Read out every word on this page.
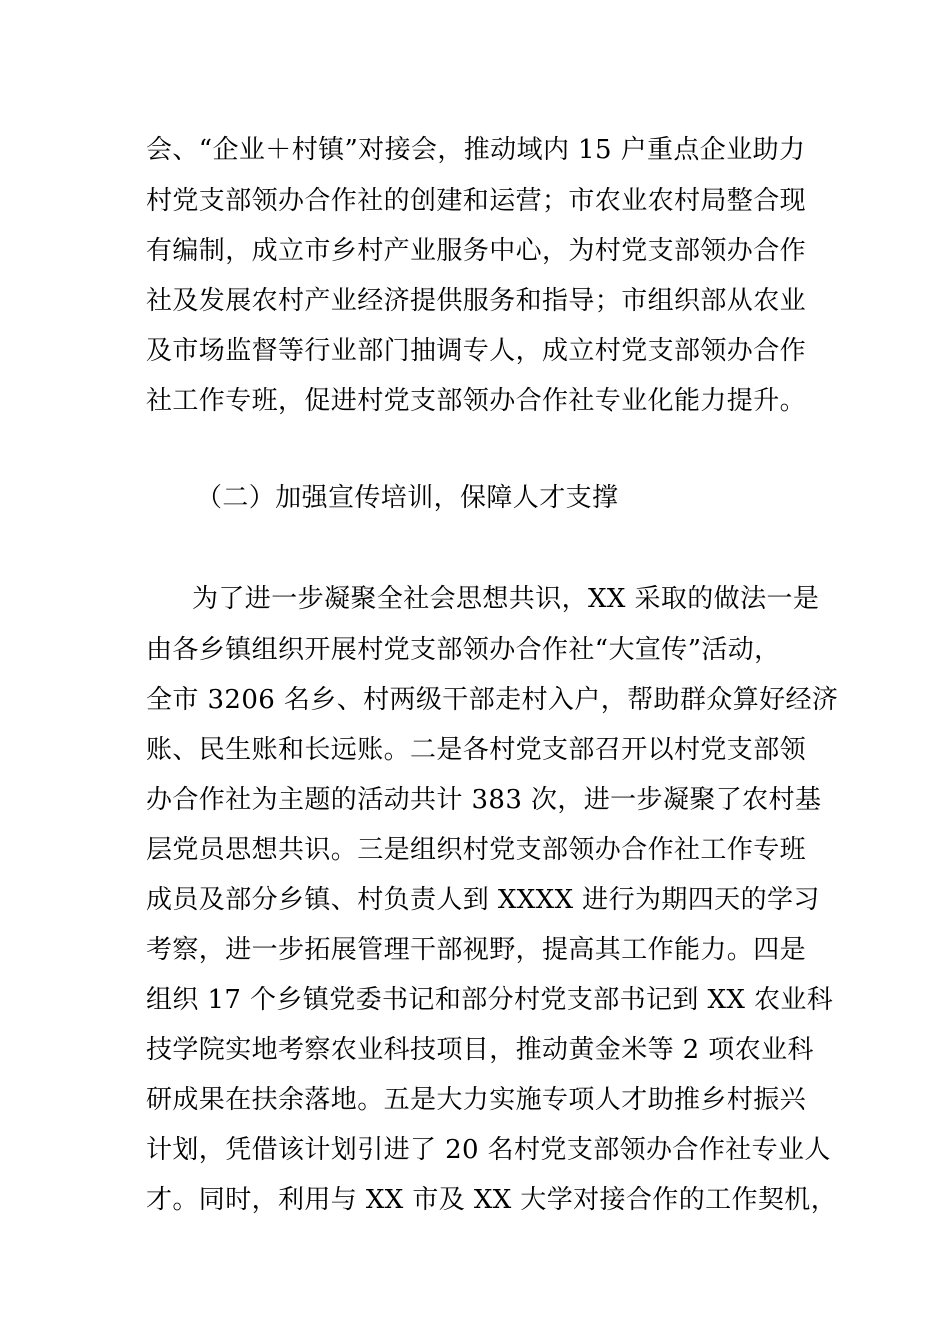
会、“企业＋村镇”对接会，推动域内 15 户重点企业助力
村党支部领办合作社的创建和运营；市农业农村局整合现
有编制，成立市乡村产业服务中心，为村党支部领办合作
社及发展农村产业经济提供服务和指导；市组织部从农业
及市场监督等行业部门抽调专人，成立村党支部领办合作
社工作专班，促进村党支部领办合作社专业化能力提升。
（二）加强宣传培训，保障人才支撑
为了进一步凝聚全社会思想共识，XX 采取的做法一是
由各乡镇组织开展村党支部领办合作社“大宣传”活动，
全市 3206 名乡、村两级干部走村入户，帮助群众算好经济
账、民生账和长远账。二是各村党支部召开以村党支部领
办合作社为主题的活动共计 383 次，进一步凝聚了农村基
层党员思想共识。三是组织村党支部领办合作社工作专班
成员及部分乡镇、村负责人到 XXXX 进行为期四天的学习
考察，进一步拓展管理干部视野，提高其工作能力。四是
组织 17 个乡镇党委书记和部分村党支部书记到 XX 农业科
技学院实地考察农业科技项目，推动黄金米等 2 项农业科
研成果在扶余落地。五是大力实施专项人才助推乡村振兴
计划，凭借该计划引进了 20 名村党支部领办合作社专业人
才。同时，利用与 XX 市及 XX 大学对接合作的工作契机，
